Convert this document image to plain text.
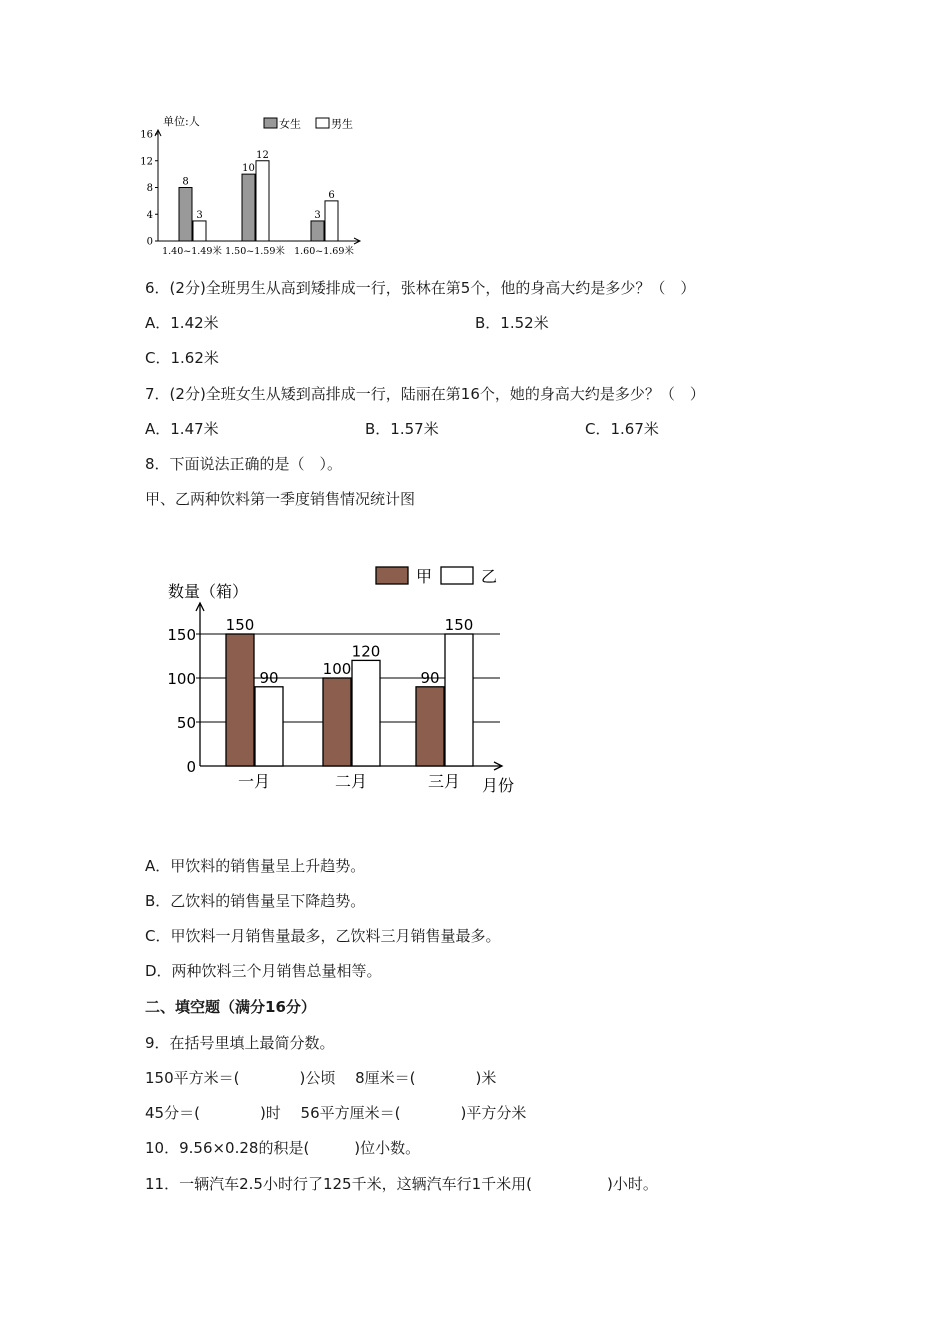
0
4
8
12
16
单位:人	女生	男生
8
3
1.40~1.49米
10
12
1.50~1.59米
3
6
1.60~1.69米
6．(2分)全班男生从高到矮排成一行，张林在第5个，他的身高大约是多少？（　）
A．1.42米	B．1.52米
C．1.62米
7．(2分)全班女生从矮到高排成一行，陆丽在第16个，她的身高大约是多少？（　）
A．1.47米	B．1.57米	C．1.67米
8．下面说法正确的是（　）。
甲、乙两种饮料第一季度销售情况统计图
0
50
100
150
数量（箱）
月份
甲	乙
150
90
一月
100
120
二月
90
150
三月
A．甲饮料的销售量呈上升趋势。
B．乙饮料的销售量呈下降趋势。
C．甲饮料一月销售量最多，乙饮料三月销售量最多。
D．两种饮料三个月销售总量相等。
二、填空题（满分16分）
9．在括号里填上最简分数。
150平方米＝(　　　　)公顷　 8厘米＝(　　　　)米
45分＝(　　　　)时　 56平方厘米＝(　　　　)平方分米
10．9.56×0.28的积是(　　　)位小数。
11．一辆汽车2.5小时行了125千米，这辆汽车行1千米用(　　　　　)小时。
